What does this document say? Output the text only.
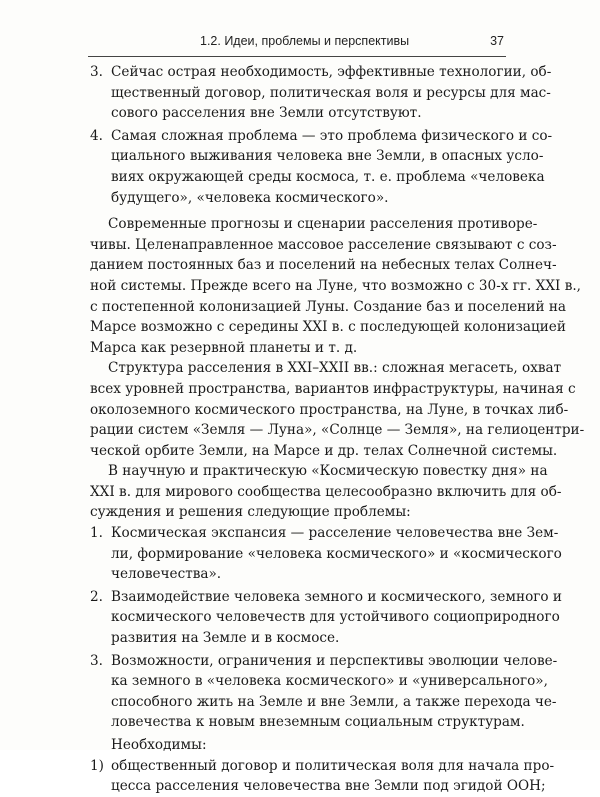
1.2. Идеи, проблемы и перспективы	37
3. Сейчас острая необходимость, эффективные технологии, об-
щественный договор, политическая воля и ресурсы для мас-
сового расселения вне Земли отсутствуют.
4. Самая сложная проблема — это проблема физического и со-
циального выживания человека вне Земли, в опасных усло-
виях окружающей среды космоса, т. е. проблема «человека
будущего», «человека космического».
Современные прогнозы и сценарии расселения противоре-
чивы. Целенаправленное массовое расселение связывают с соз-
данием постоянных баз и поселений на небесных телах Солнеч-
ной системы. Прежде всего на Луне, что возможно с 30-х гг. XXI в.,
с постепенной колонизацией Луны. Создание баз и поселений на
Марсе возможно с середины XXI в. с последующей колонизацией
Марса как резервной планеты и т. д.
Структура расселения в XXI–XXII вв.: сложная мегасеть, охват
всех уровней пространства, вариантов инфраструктуры, начиная с
околоземного космического пространства, на Луне, в точках либ-
рации систем «Земля — Луна», «Солнце — Земля», на гелиоцентри-
ческой орбите Земли, на Марсе и др. телах Солнечной системы.
В научную и практическую «Космическую повестку дня» на
XXI в. для мирового сообщества целесообразно включить для об-
суждения и решения следующие проблемы:
1. Космическая экспансия — расселение человечества вне Зем-
ли, формирование «человека космического» и «космического
человечества».
2. Взаимодействие человека земного и космического, земного и
космического человечеств для устойчивого социоприродного
развития на Земле и в космосе.
3. Возможности, ограничения и перспективы эволюции челове-
ка земного в «человека космического» и «универсального»,
способного жить на Земле и вне Земли, а также перехода че-
ловечества к новым внеземным социальным структурам.

Необходимы:

1) общественный договор и политическая воля для начала про-
цесса расселения человечества вне Земли под эгидой ООН;
